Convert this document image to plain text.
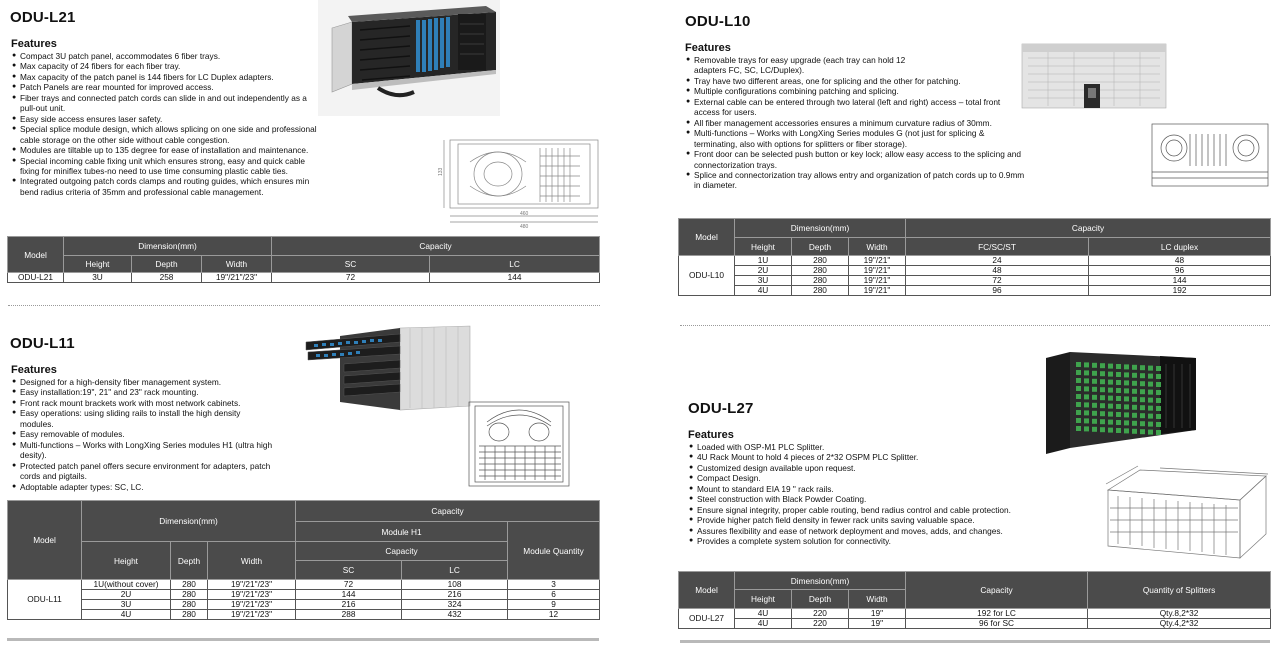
ODU-L21
Features
● Compact 3U patch panel, accommodates 6 fiber trays.
● Max capacity of 24 fibers for each fiber tray.
● Max capacity of the patch panel is 144 fibers for LC Duplex adapters.
● Patch Panels are rear mounted for improved access.
● Fiber trays and connected patch cords can slide in and out independently as a pull-out unit.
● Easy side access ensures laser safety.
● Special splice module design, which allows splicing on one side and professional cable storage on the other side without cable congestion.
● Modules are tiltable up to 135 degree for ease of installation and maintenance.
● Special incoming cable fixing unit which ensures strong, easy and quick cable fixing for miniflex tubes-no need to use time consuming plastic cable ties.
● Integrated outgoing patch cords clamps and routing guides, which ensures min bend radius criteria of 35mm and professional cable management.
133
460
480
Model	Dimension(mm)			Capacity	
	Height	Depth	Width	SC	LC
ODU-L21	3U	258	19"/21"/23"	72	144
ODU-L11
Features
● Designed for a high-density fiber management system.
● Easy installation:19", 21" and 23" rack mounting.
● Front rack mount brackets work with most network cabinets.
● Easy operations: using sliding rails to install the high density modules.
● Easy removable of modules.
● Multi-functions – Works with LongXing Series modules H1 (ultra high desity).
● Protected patch panel offers secure environment for adapters, patch cords and pigtails.
● Adoptable adapter types: SC, LC.
Model	Dimension(mm)			Capacity		
				Module H1		Module Quantity
	Height	Depth	Width	Capacity		
				SC	LC	
ODU-L11	1U(without cover)	280	19"/21"/23"	72	108	3
	2U	280	19"/21"/23"	144	216	6
	3U	280	19"/21"/23"	216	324	9
	4U	280	19"/21"/23"	288	432	12
ODU-L10
Features
● Removable trays for easy upgrade (each tray can hold 12 adapters FC, SC, LC/Duplex).
● Tray have two different areas, one for splicing and the other for patching.
● Multiple configurations combining patching and splicing.
● External cable can be entered through two lateral (left and right) access – total front access for users.
● All fiber management accessories ensures a minimum curvature radius of 30mm.
● Multi-functions – Works with LongXing Series modules G (not just for splicing & terminating, also with options for splitters or fiber storage).
● Front door can be selected push button or key lock; allow easy access to the splicing and connectorization trays.
● Splice and connectorization tray allows entry and organization of patch cords up to 0.9mm in diameter.
Model	Dimension(mm)			Capacity	
	Height	Depth	Width	FC/SC/ST	LC duplex
ODU-L10	1U	280	19"/21"	24	48
	2U	280	19"/21"	48	96
	3U	280	19"/21"	72	144
	4U	280	19"/21"	96	192
ODU-L27
Features
● Loaded with OSP-M1 PLC Splitter.
● 4U Rack Mount to hold 4 pieces of 2*32 OSPM PLC Splitter.
● Customized design available upon request.
● Compact Design.
● Mount to standard EIA 19 " rack rails.
● Steel construction with Black Powder Coating.
● Ensure signal integrity, proper cable routing, bend radius control and cable protection.
● Provide higher patch field density in fewer rack units saving valuable space.
● Assures flexibility and ease of network deployment and moves, adds, and changes.
● Provides a complete system solution for connectivity.
Model	Dimension(mm)			Capacity	Quantity of Splitters
	Height	Depth	Width		
ODU-L27	4U	220	19"	192 for LC	Qty.8,2*32
	4U	220	19"	96 for SC	Qty.4,2*32
